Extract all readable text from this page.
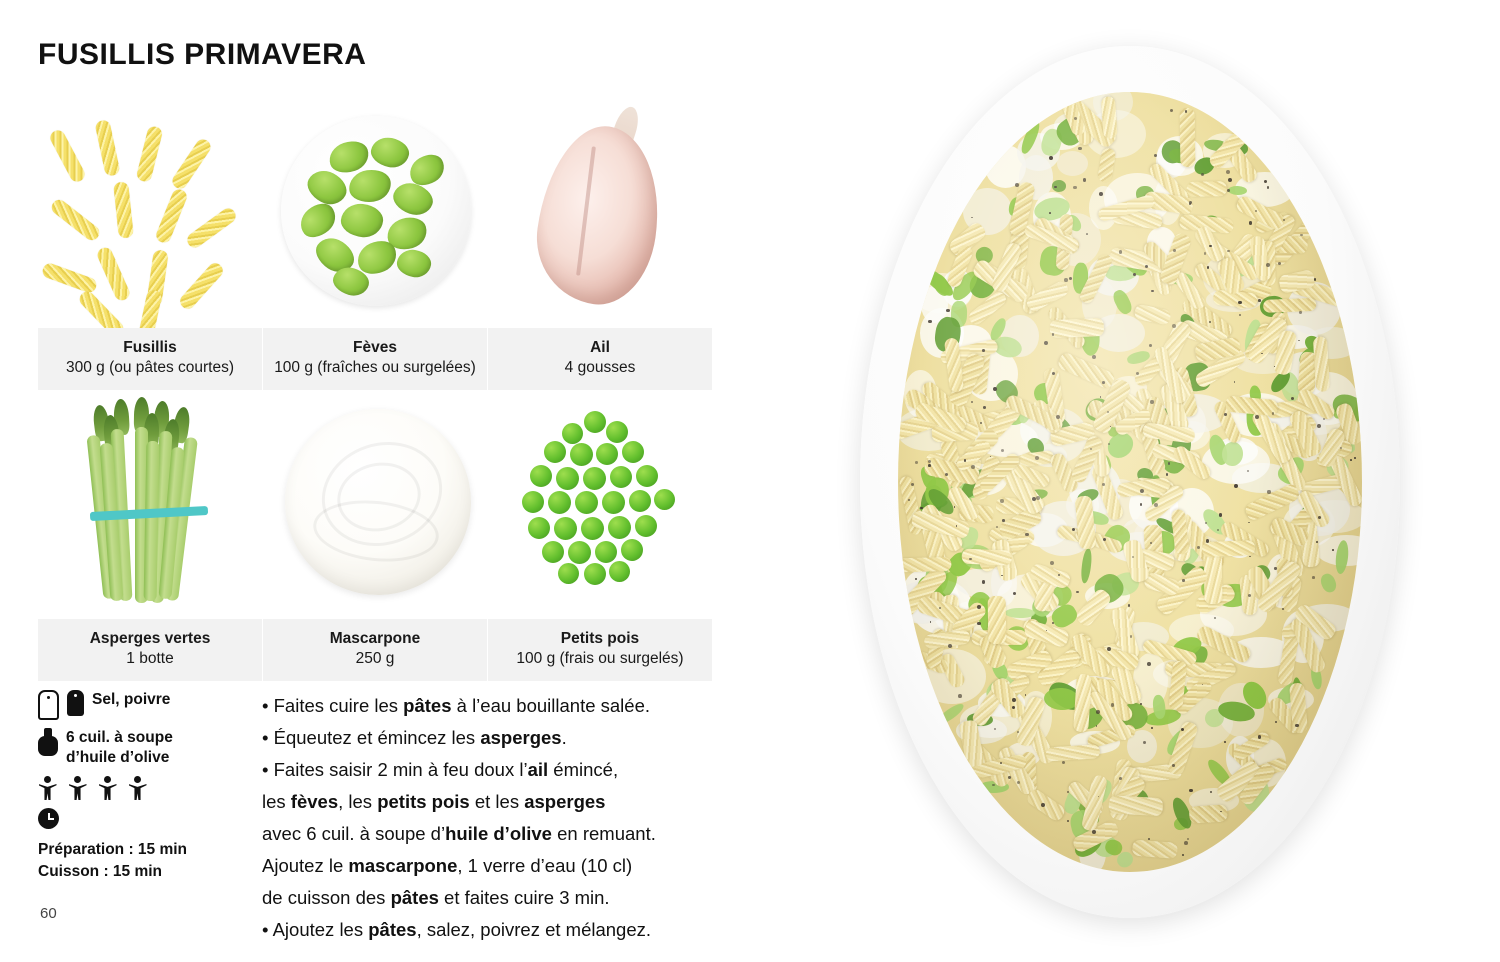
FUSILLIS PRIMAVERA
Fusillis
300 g (ou pâtes courtes)
Fèves
100 g (fraîches ou surgelées)
Ail
4 gousses
Asperges vertes
1 botte
Mascarpone
250 g
Petits pois
100 g (frais ou surgelés)
Sel, poivre
6 cuil. à soupe d’huile d’olive
Préparation : 15 min
Cuisson : 15 min
60

• Faites cuire les pâtes à l’eau bouillante salée.

• Équeutez et émincez les asperges.

• Faites saisir 2 min à feu doux l’ail émincé,

les fèves, les petits pois et les asperges

avec 6 cuil. à soupe d’huile d’olive en remuant.

Ajoutez le mascarpone, 1 verre d’eau (10 cl)

de cuisson des pâtes et faites cuire 3 min.

• Ajoutez les pâtes, salez, poivrez et mélangez.
